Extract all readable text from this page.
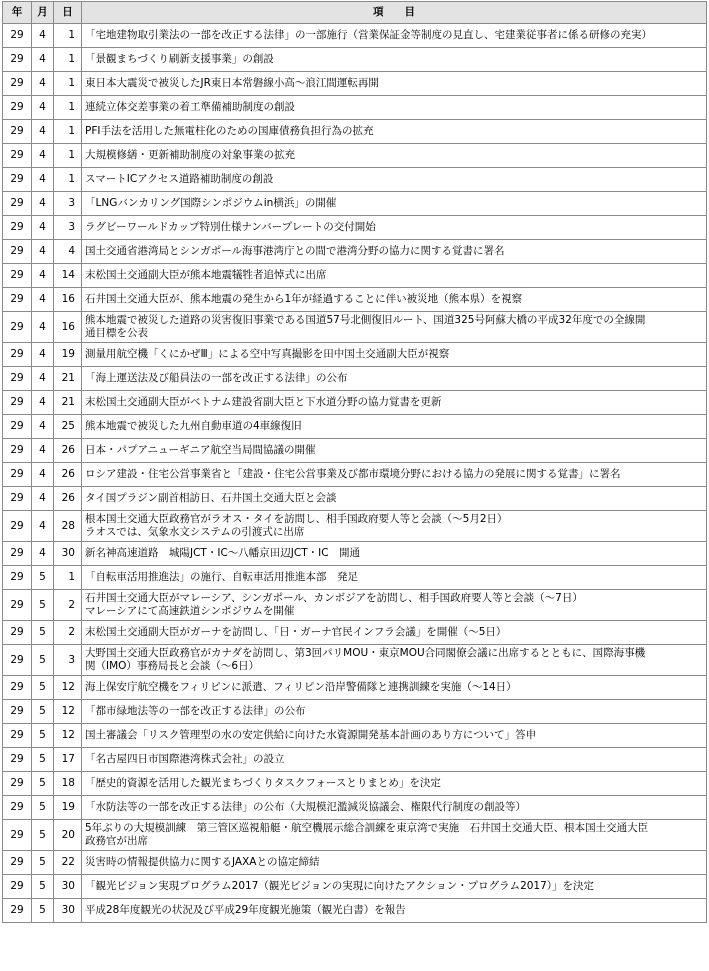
年	月	日	項　　目
29	4	1	「宅地建物取引業法の一部を改正する法律」の一部施行（営業保証金等制度の見直し、宅建業従事者に係る研修の充実）

29	4	1	「景観まちづくり刷新支援事業」の創設

29	4	1	東日本大震災で被災したJR東日本常磐線小高〜浪江間運転再開

29	4	1	連続立体交差事業の着工準備補助制度の創設

29	4	1	PFI手法を活用した無電柱化のための国庫債務負担行為の拡充

29	4	1	大規模修繕・更新補助制度の対象事業の拡充

29	4	1	スマートICアクセス道路補助制度の創設

29	4	3	「LNGバンカリング国際シンポジウムin横浜」の開催

29	4	3	ラグビーワールドカップ特別仕様ナンバープレートの交付開始

29	4	4	国土交通省港湾局とシンガポール海事港湾庁との間で港湾分野の協力に関する覚書に署名

29	4	14	末松国土交通副大臣が熊本地震犠牲者追悼式に出席

29	4	16	石井国土交通大臣が、熊本地震の発生から1年が経過することに伴い被災地（熊本県）を視察

29	4	16	熊本地震で被災した道路の災害復旧事業である国道57号北側復旧ルート、国道325号阿蘇大橋の平成32年度での全線開
通目標を公表

29	4	19	測量用航空機「くにかぜⅢ」による空中写真撮影を田中国土交通副大臣が視察

29	4	21	「海上運送法及び船員法の一部を改正する法律」の公布

29	4	21	末松国土交通副大臣がベトナム建設省副大臣と下水道分野の協力覚書を更新

29	4	25	熊本地震で被災した九州自動車道の4車線復旧

29	4	26	日本・パプアニューギニア航空当局間協議の開催

29	4	26	ロシア建設・住宅公営事業省と「建設・住宅公営事業及び都市環境分野における協力の発展に関する覚書」に署名

29	4	26	タイ国プラジン副首相訪日、石井国土交通大臣と会談

29	4	28	根本国土交通大臣政務官がラオス・タイを訪問し、相手国政府要人等と会談（〜5月2日）
ラオスでは、気象水文システムの引渡式に出席

29	4	30	新名神高速道路　城陽JCT・IC〜八幡京田辺JCT・IC　開通

29	5	1	「自転車活用推進法」の施行、自転車活用推進本部　発足

29	5	2	石井国土交通大臣がマレーシア、シンガポール、カンボジアを訪問し、相手国政府要人等と会談（〜7日）
マレーシアにて高速鉄道シンポジウムを開催

29	5	2	末松国土交通副大臣がガーナを訪問し、「日・ガーナ官民インフラ会議」を開催（〜5日）

29	5	3	大野国土交通大臣政務官がカナダを訪問し、第3回パリMOU・東京MOU合同閣僚会議に出席するとともに、国際海事機
関（IMO）事務局長と会談（〜6日）

29	5	12	海上保安庁航空機をフィリピンに派遣、フィリピン沿岸警備隊と連携訓練を実施（〜14日）

29	5	12	「都市緑地法等の一部を改正する法律」の公布

29	5	12	国土審議会「リスク管理型の水の安定供給に向けた水資源開発基本計画のあり方について」答申

29	5	17	「名古屋四日市国際港湾株式会社」の設立

29	5	18	「歴史的資源を活用した観光まちづくりタスクフォースとりまとめ」を決定

29	5	19	「水防法等の一部を改正する法律」の公布（大規模氾濫減災協議会、権限代行制度の創設等）

29	5	20	5年ぶりの大規模訓練　第三管区巡視船艇・航空機展示総合訓練を東京湾で実施　石井国土交通大臣、根本国土交通大臣
政務官が出席

29	5	22	災害時の情報提供協力に関するJAXAとの協定締結

29	5	30	「観光ビジョン実現プログラム2017（観光ビジョンの実現に向けたアクション・プログラム2017）」を決定

29	5	30	平成28年度観光の状況及び平成29年度観光施策（観光白書）を報告
